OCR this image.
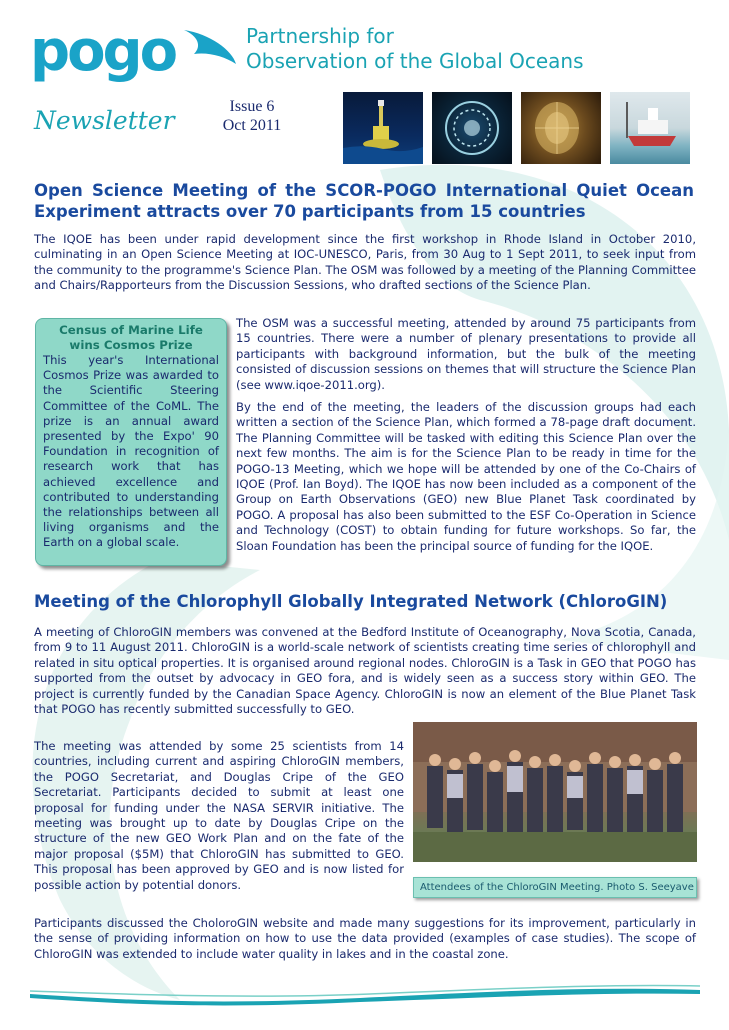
pogo	Partnership for
Observation of the Global Oceans
Newsletter	Issue 6
Oct 2011
Open Science Meeting of the SCOR-POGO International Quiet Ocean Experiment attracts over 70 participants from 15 countries
The IQOE has been under rapid development since the first workshop in Rhode Island in October 2010, culminating in an Open Science Meeting at IOC-UNESCO, Paris, from 30 Aug to 1 Sept 2011, to seek input from the community to the programme's Science Plan. The OSM was followed by a meeting of the Planning Committee and Chairs/Rapporteurs from the Discussion Sessions, who drafted sections of the Science Plan.
Census of Marine Life wins Cosmos Prize
This year's International Cosmos Prize was awarded to the Scientific Steering Committee of the CoML. The prize is an annual award presented by the Expo' 90 Foundation in recognition of research work that has achieved excellence and contributed to understanding the relationships between all living organisms and the Earth on a global scale.
The OSM was a successful meeting, attended by around 75 participants from 15 countries. There were a number of plenary presentations to provide all participants with background information, but the bulk of the meeting consisted of discussion sessions on themes that will structure the Science Plan (see www.iqoe-2011.org).
By the end of the meeting, the leaders of the discussion groups had each written a section of the Science Plan, which formed a 78-page draft document. The Planning Committee will be tasked with editing this Science Plan over the next few months. The aim is for the Science Plan to be ready in time for the POGO-13 Meeting, which we hope will be attended by one of the Co-Chairs of IQOE (Prof. Ian Boyd). The IQOE has now been included as a component of the Group on Earth Observations (GEO) new Blue Planet Task coordinated by POGO. A proposal has also been submitted to the ESF Co-Operation in Science and Technology (COST) to obtain funding for future workshops. So far, the Sloan Foundation has been the principal source of funding for the IQOE.
Meeting of the Chlorophyll Globally Integrated Network (ChloroGIN)
A meeting of ChloroGIN members was convened at the Bedford Institute of Oceanography, Nova Scotia, Canada, from 9 to 11 August 2011. ChloroGIN is a world-scale network of scientists creating time series of chlorophyll and related in situ optical properties. It is organised around regional nodes. ChloroGIN is a Task in GEO that POGO has supported from the outset by advocacy in GEO fora, and is widely seen as a success story within GEO. The project is currently funded by the Canadian Space Agency. ChloroGIN is now an element of the Blue Planet Task that POGO has recently submitted successfully to GEO.
The meeting was attended by some 25 scientists from 14 countries, including current and aspiring ChloroGIN members, the POGO Secretariat, and Douglas Cripe of the GEO Secretariat. Participants decided to submit at least one proposal for funding under the NASA SERVIR initiative. The meeting was brought up to date by Douglas Cripe on the structure of the new GEO Work Plan and on the fate of the major proposal ($5M) that ChloroGIN has submitted to GEO. This proposal has been approved by GEO and is now listed for possible action by potential donors.	Attendees of the ChloroGIN Meeting. Photo S. Seeyave
Participants discussed the CholoroGIN website and made many suggestions for its improvement, particularly in the sense of providing information on how to use the data provided (examples of case studies). The scope of ChloroGIN was extended to include water quality in lakes and in the coastal zone.
